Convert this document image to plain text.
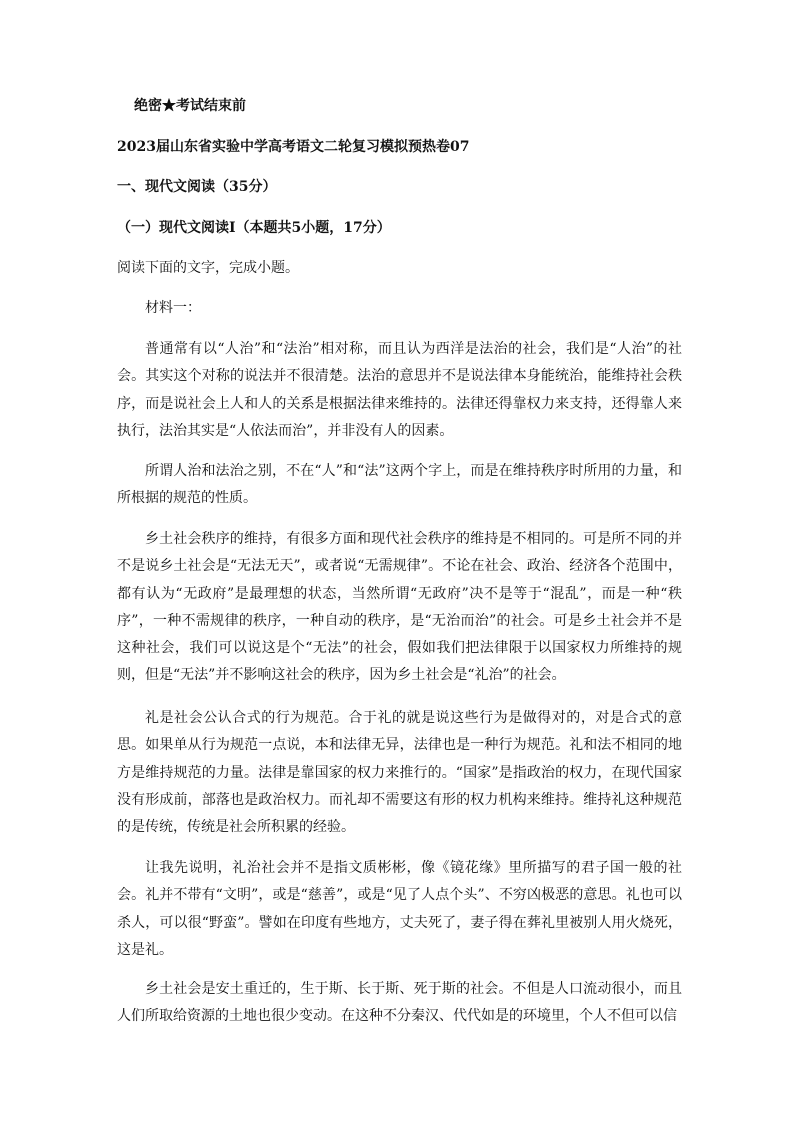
绝密★考试结束前
2023届山东省实验中学高考语文二轮复习模拟预热卷07
一、现代文阅读（35分）
（一）现代文阅读Ⅰ（本题共5小题，17分）
阅读下面的文字，完成小题。
材料一：

普通常有以“人治”和“法治”相对称，而且认为西洋是法治的社会，我们是“人治”的社会。其实这个对称的说法并不很清楚。法治的意思并不是说法律本身能统治，能维持社会秩序，而是说社会上人和人的关系是根据法律来维持的。法律还得靠权力来支持，还得靠人来执行，法治其实是“人依法而治”，并非没有人的因素。

所谓人治和法治之别，不在“人”和“法”这两个字上，而是在维持秩序时所用的力量，和所根据的规范的性质。

乡土社会秩序的维持，有很多方面和现代社会秩序的维持是不相同的。可是所不同的并不是说乡土社会是“无法无天”，或者说“无需规律”。不论在社会、政治、经济各个范围中，都有认为“无政府”是最理想的状态，当然所谓“无政府”决不是等于“混乱”，而是一种“秩序”，一种不需规律的秩序，一种自动的秩序，是“无治而治”的社会。可是乡土社会并不是这种社会，我们可以说这是个“无法”的社会，假如我们把法律限于以国家权力所维持的规则，但是“无法”并不影响这社会的秩序，因为乡土社会是“礼治”的社会。

礼是社会公认合式的行为规范。合于礼的就是说这些行为是做得对的，对是合式的意思。如果单从行为规范一点说，本和法律无异，法律也是一种行为规范。礼和法不相同的地方是维持规范的力量。法律是靠国家的权力来推行的。“国家”是指政治的权力，在现代国家没有形成前，部落也是政治权力。而礼却不需要这有形的权力机构来维持。维持礼这种规范的是传统，传统是社会所积累的经验。

让我先说明，礼治社会并不是指文质彬彬，像《镜花缘》里所描写的君子国一般的社会。礼并不带有“文明”，或是“慈善”，或是“见了人点个头”、不穷凶极恶的意思。礼也可以杀人，可以很“野蛮”。譬如在印度有些地方，丈夫死了，妻子得在葬礼里被别人用火烧死，这是礼。

乡土社会是安土重迁的，生于斯、长于斯、死于斯的社会。不但是人口流动很小，而且人们所取给资源的土地也很少变动。在这种不分秦汉、代代如是的环境里，个人不但可以信
